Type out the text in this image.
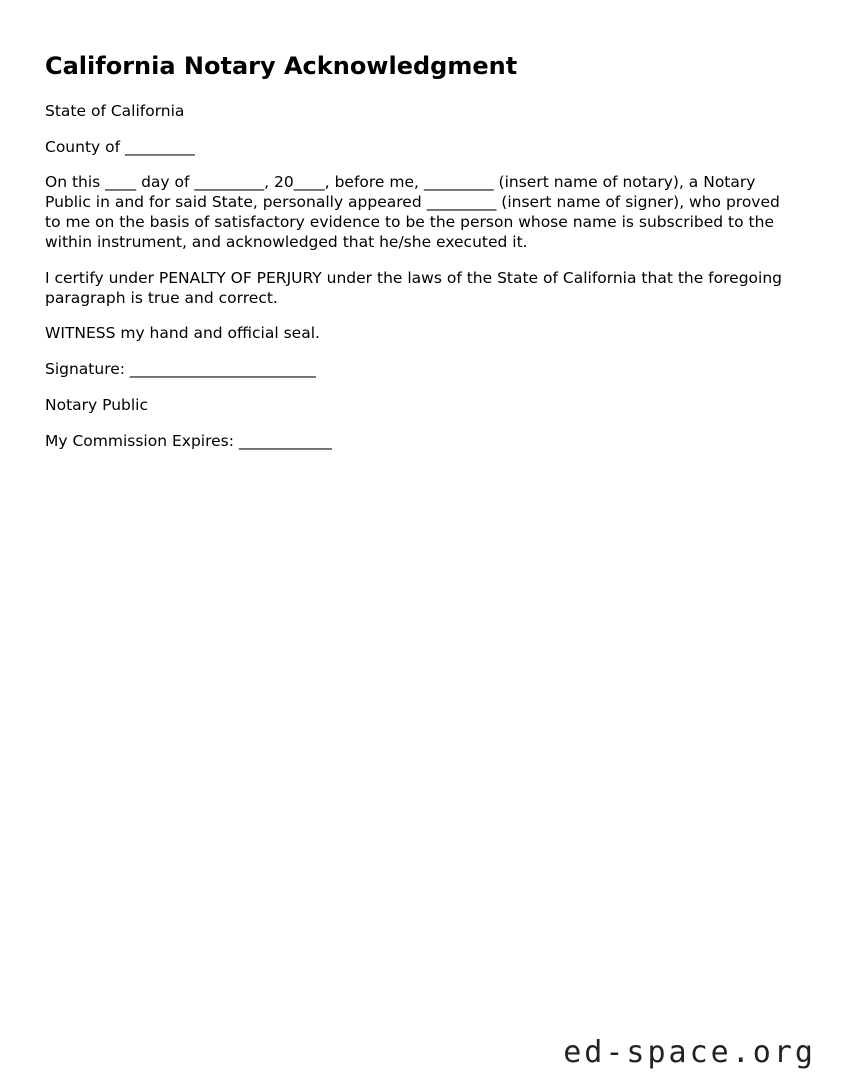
California Notary Acknowledgment

State of California

County of _________

On this ____ day of _________, 20____, before me, _________ (insert name of notary), a Notary Public in and for said State, personally appeared _________ (insert name of signer), who proved to me on the basis of satisfactory evidence to be the person whose name is subscribed to the within instrument, and acknowledged that he/she executed it.

I certify under PENALTY OF PERJURY under the laws of the State of California that the foregoing paragraph is true and correct.

WITNESS my hand and official seal.

Signature: ________________________

Notary Public

My Commission Expires: ____________

ed-space.org
